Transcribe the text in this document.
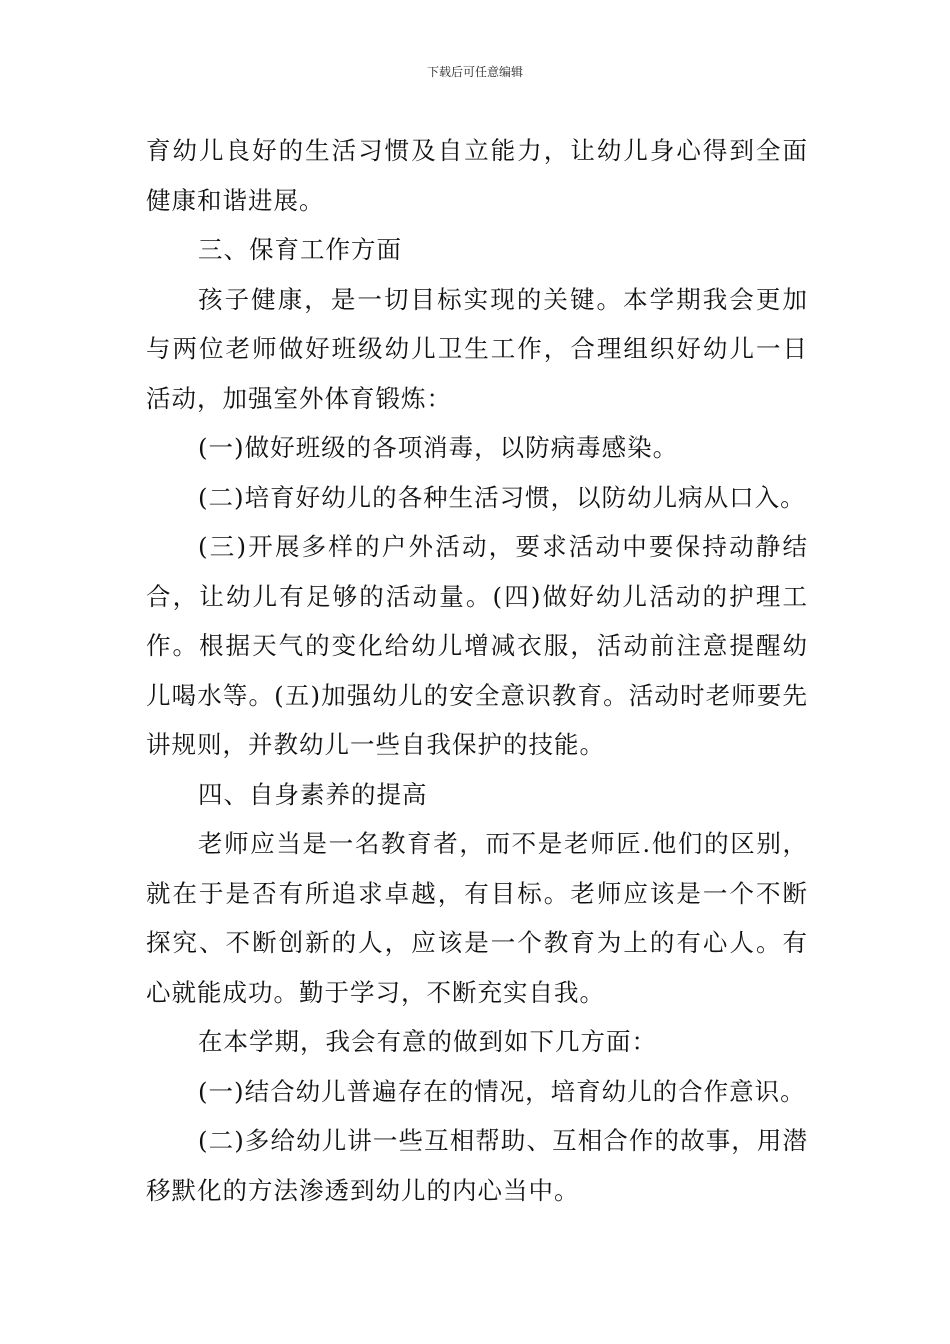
下载后可任意编辑

育幼儿良好的生活习惯及自立能力，让幼儿身心得到全面健康和谐进展。

三、保育工作方面

孩子健康，是一切目标实现的关键。本学期我会更加与两位老师做好班级幼儿卫生工作，合理组织好幼儿一日活动，加强室外体育锻炼：

(一)做好班级的各项消毒，以防病毒感染。

(二)培育好幼儿的各种生活习惯，以防幼儿病从口入。

(三)开展多样的户外活动，要求活动中要保持动静结合，让幼儿有足够的活动量。(四)做好幼儿活动的护理工作。根据天气的变化给幼儿增减衣服，活动前注意提醒幼儿喝水等。(五)加强幼儿的安全意识教育。活动时老师要先讲规则，并教幼儿一些自我保护的技能。

四、自身素养的提高

老师应当是一名教育者，而不是老师匠.他们的区别，就在于是否有所追求卓越，有目标。老师应该是一个不断探究、不断创新的人，应该是一个教育为上的有心人。有心就能成功。勤于学习，不断充实自我。

在本学期，我会有意的做到如下几方面：

(一)结合幼儿普遍存在的情况，培育幼儿的合作意识。

(二)多给幼儿讲一些互相帮助、互相合作的故事，用潜移默化的方法渗透到幼儿的内心当中。
